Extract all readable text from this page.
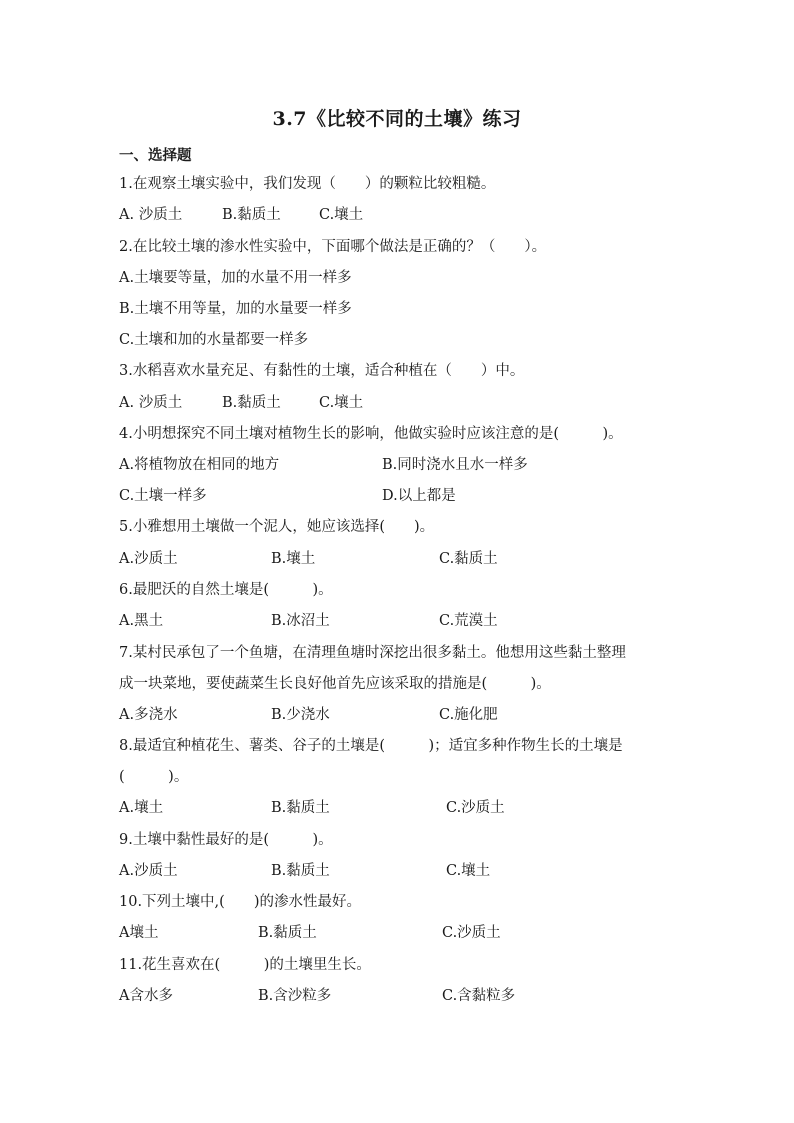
3.7《比较不同的土壤》练习
一、选择题
1.在观察土壤实验中，我们发现（　　）的颗粒比较粗糙。
A. 沙质土	B.黏质土	C.壤土
2.在比较土壤的渗水性实验中，下面哪个做法是正确的？（　　）。
A.土壤要等量，加的水量不用一样多
B.土壤不用等量，加的水量要一样多
C.土壤和加的水量都要一样多
3.水稻喜欢水量充足、有黏性的土壤，适合种植在（　　）中。
A. 沙质土	B.黏质土	C.壤土
4.小明想探究不同土壤对植物生长的影响，他做实验时应该注意的是(　　　)。
A.将植物放在相同的地方	B.同时浇水且水一样多
C.土壤一样多	D.以上都是
5.小雅想用土壤做一个泥人，她应该选择(　　)。
A.沙质土	B.壤土	C.黏质土
6.最肥沃的自然土壤是(　　　)。
A.黑土	B.冰沼土	C.荒漠土
7.某村民承包了一个鱼塘，在清理鱼塘时深挖出很多黏土。他想用这些黏土整理
成一块菜地，要使蔬菜生长良好他首先应该采取的措施是(　　　)。
A.多浇水	B.少浇水	C.施化肥
8.最适宜种植花生、薯类、谷子的土壤是(　　　)；适宜多种作物生长的土壤是
(　　　)。
A.壤土	B.黏质土	C.沙质土
9.土壤中黏性最好的是(　　　)。
A.沙质土	B.黏质土	C.壤土
10.下列土壤中,(　　)的渗水性最好。
A壤土	B.黏质土	C.沙质土
11.花生喜欢在(　　　)的土壤里生长。
A含水多	B.含沙粒多	C.含黏粒多
